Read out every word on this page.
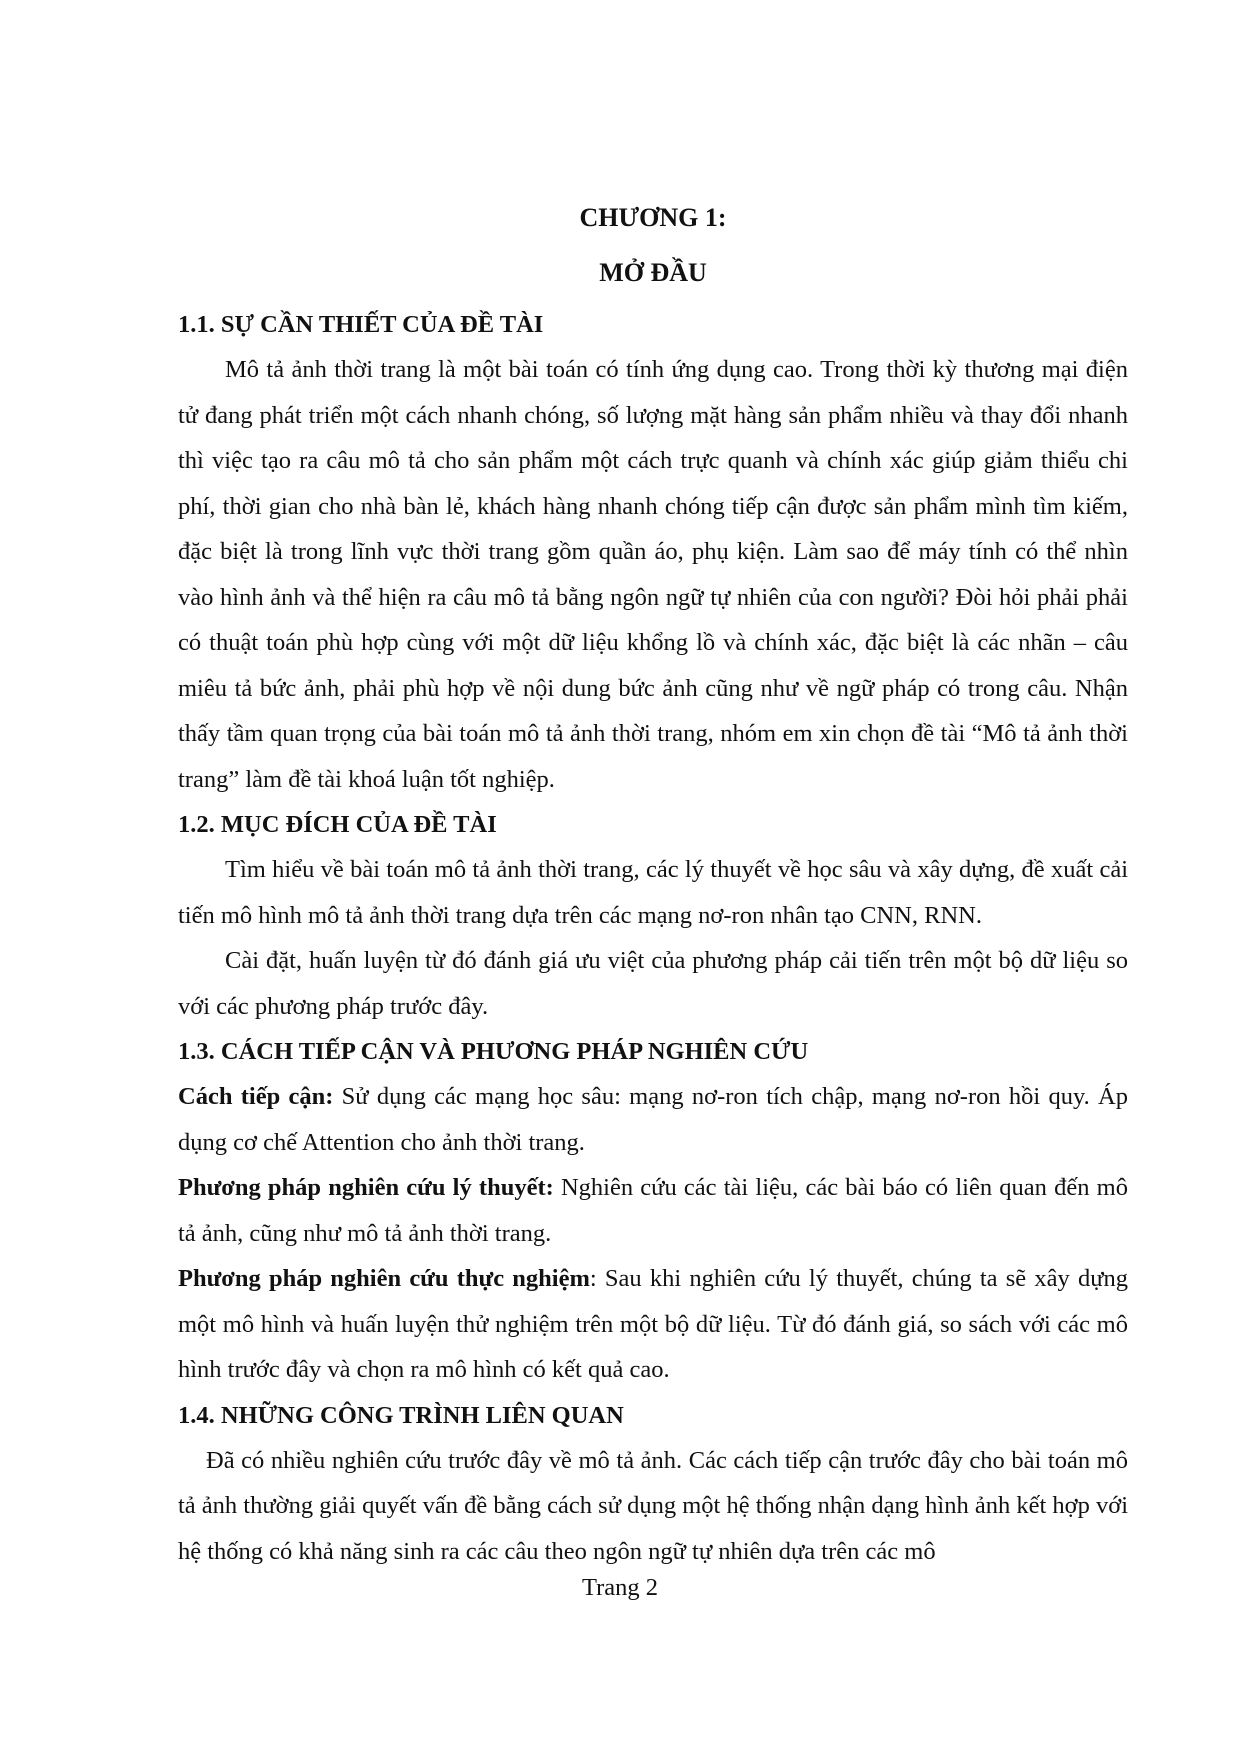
CHƯƠNG 1:
MỞ ĐẦU
1.1. SỰ CẦN THIẾT CỦA ĐỀ TÀI

Mô tả ảnh thời trang là một bài toán có tính ứng dụng cao. Trong thời kỳ thương mại điện tử đang phát triển một cách nhanh chóng, số lượng mặt hàng sản phẩm nhiều và thay đổi nhanh thì việc tạo ra câu mô tả cho sản phẩm một cách trực quanh và chính xác giúp giảm thiểu chi phí, thời gian cho nhà bàn lẻ, khách hàng nhanh chóng tiếp cận được sản phẩm mình tìm kiếm, đặc biệt là trong lĩnh vực thời trang gồm quần áo, phụ kiện. Làm sao để máy tính có thể nhìn vào hình ảnh và thể hiện ra câu mô tả bằng ngôn ngữ tự nhiên của con người? Đòi hỏi phải phải có thuật toán phù hợp cùng với một dữ liệu khổng lồ và chính xác, đặc biệt là các nhãn – câu miêu tả bức ảnh, phải phù hợp về nội dung bức ảnh cũng như về ngữ pháp có trong câu. Nhận thấy tầm quan trọng của bài toán mô tả ảnh thời trang, nhóm em xin chọn đề tài “Mô tả ảnh thời trang” làm đề tài khoá luận tốt nghiệp.

1.2. MỤC ĐÍCH CỦA ĐỀ TÀI

Tìm hiểu về bài toán mô tả ảnh thời trang, các lý thuyết về học sâu và xây dựng, đề xuất cải tiến mô hình mô tả ảnh thời trang dựa trên các mạng nơ-ron nhân tạo CNN, RNN.

Cài đặt, huấn luyện từ đó đánh giá ưu việt của phương pháp cải tiến trên một bộ dữ liệu so với các phương pháp trước đây.

1.3. CÁCH TIẾP CẬN VÀ PHƯƠNG PHÁP NGHIÊN CỨU

Cách tiếp cận: Sử dụng các mạng học sâu: mạng nơ-ron tích chập, mạng nơ-ron hồi quy. Áp dụng cơ chế Attention cho ảnh thời trang.

Phương pháp nghiên cứu lý thuyết: Nghiên cứu các tài liệu, các bài báo có liên quan đến mô tả ảnh, cũng như mô tả ảnh thời trang.

Phương pháp nghiên cứu thực nghiệm: Sau khi nghiên cứu lý thuyết, chúng ta sẽ xây dựng một mô hình và huấn luyện thử nghiệm trên một bộ dữ liệu. Từ đó đánh giá, so sách với các mô hình trước đây và chọn ra mô hình có kết quả cao.

1.4. NHỮNG CÔNG TRÌNH LIÊN QUAN

Đã có nhiều nghiên cứu trước đây về mô tả ảnh. Các cách tiếp cận trước đây cho bài toán mô tả ảnh thường giải quyết vấn đề bằng cách sử dụng một hệ thống nhận dạng hình ảnh kết hợp với hệ thống có khả năng sinh ra các câu theo ngôn ngữ tự nhiên dựa trên các mô

Trang 2
